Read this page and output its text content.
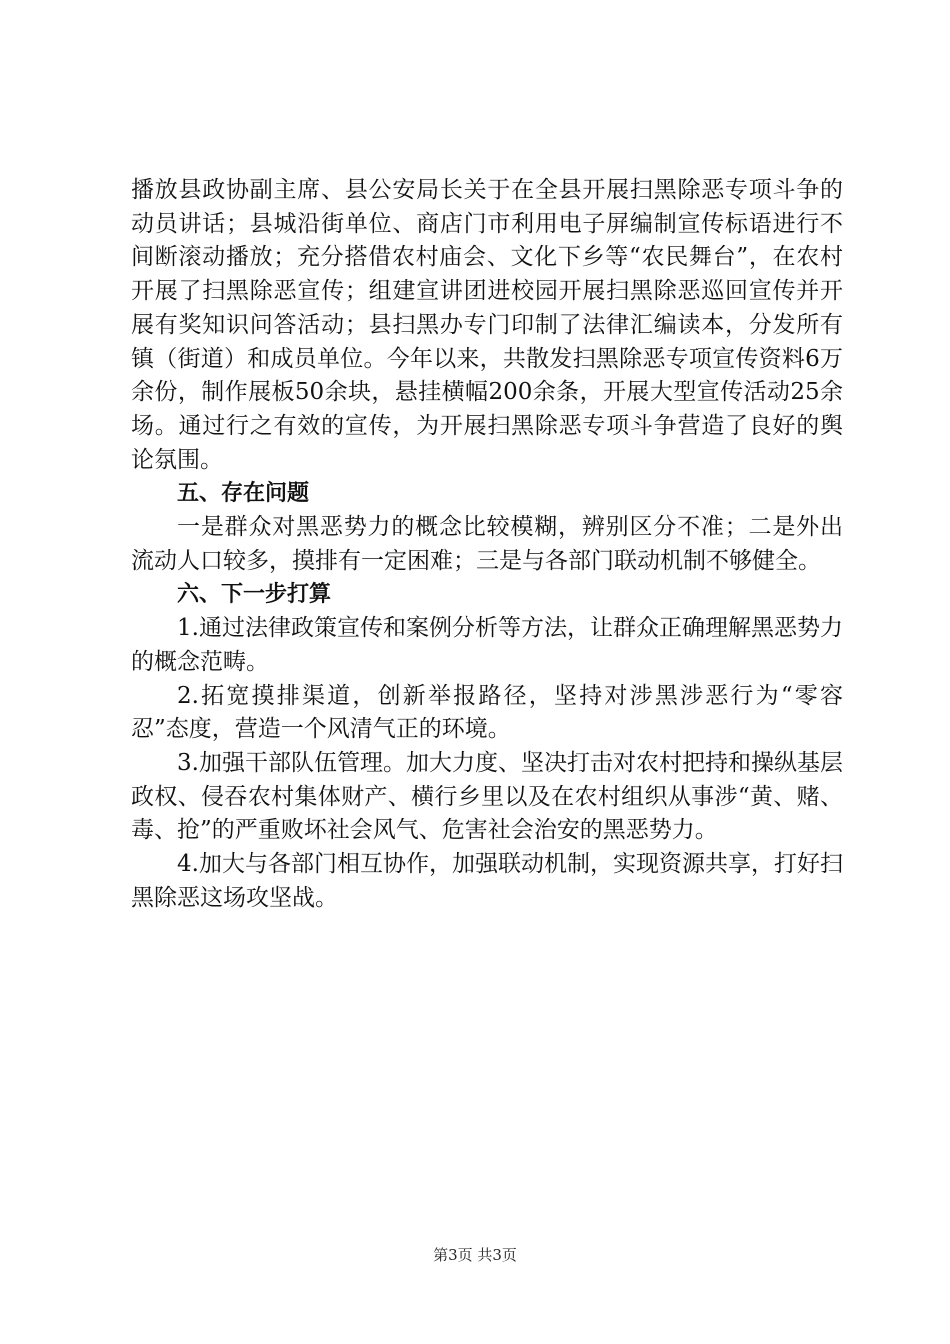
播放县政协副主席、县公安局长关于在全县开展扫黑除恶专项斗争的动员讲话；县城沿街单位、商店门市利用电子屏编制宣传标语进行不间断滚动播放；充分搭借农村庙会、文化下乡等“农民舞台”，在农村开展了扫黑除恶宣传；组建宣讲团进校园开展扫黑除恶巡回宣传并开展有奖知识问答活动；县扫黑办专门印制了法律汇编读本，分发所有镇（街道）和成员单位。今年以来，共散发扫黑除恶专项宣传资料6万余份，制作展板50余块，悬挂横幅200余条，开展大型宣传活动25余场。通过行之有效的宣传，为开展扫黑除恶专项斗争营造了良好的舆论氛围。

五、存在问题

一是群众对黑恶势力的概念比较模糊，辨别区分不准；二是外出流动人口较多，摸排有一定困难；三是与各部门联动机制不够健全。

六、下一步打算

1.通过法律政策宣传和案例分析等方法，让群众正确理解黑恶势力的概念范畴。

2.拓宽摸排渠道，创新举报路径，坚持对涉黑涉恶行为“零容忍”态度，营造一个风清气正的环境。

3.加强干部队伍管理。加大力度、坚决打击对农村把持和操纵基层政权、侵吞农村集体财产、横行乡里以及在农村组织从事涉“黄、赌、毒、抢”的严重败坏社会风气、危害社会治安的黑恶势力。

4.加大与各部门相互协作，加强联动机制，实现资源共享，打好扫黑除恶这场攻坚战。

第3页 共3页
